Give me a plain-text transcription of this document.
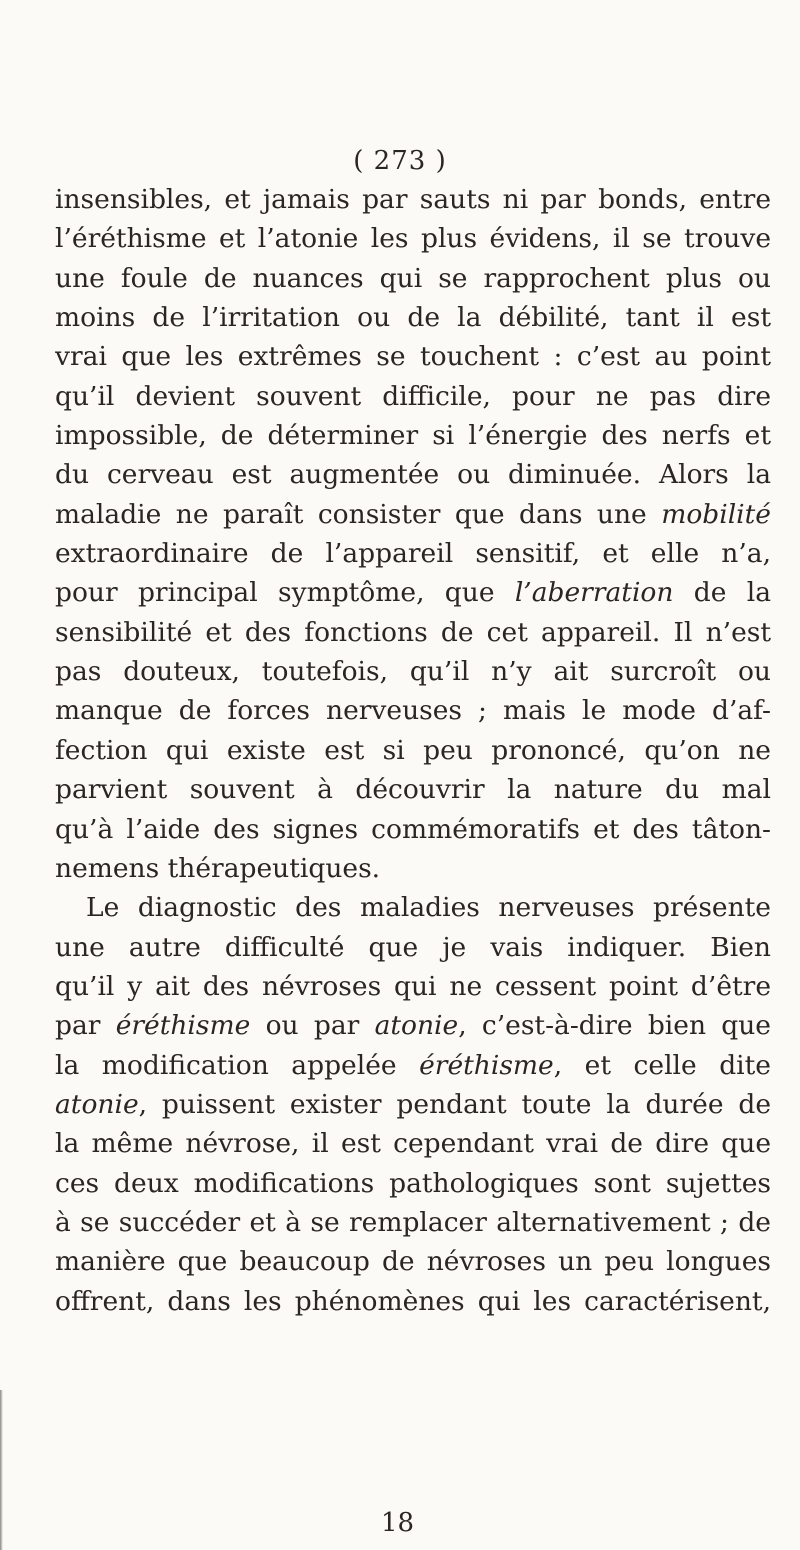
( 273 )
insensibles, et jamais par sauts ni par bonds, entre
l’éréthisme et l’atonie les plus évidens, il se trouve
une foule de nuances qui se rapprochent plus ou
moins de l’irritation ou de la débilité, tant il est
vrai que les extrêmes se touchent : c’est au point
qu’il devient souvent difficile, pour ne pas dire
impossible, de déterminer si l’énergie des nerfs et
du cerveau est augmentée ou diminuée. Alors la
maladie ne paraît consister que dans une mobilité
extraordinaire de l’appareil sensitif, et elle n’a,
pour principal symptôme, que l’aberration de la
sensibilité et des fonctions de cet appareil. Il n’est
pas douteux, toutefois, qu’il n’y ait surcroît ou
manque de forces nerveuses ; mais le mode d’af-
fection qui existe est si peu prononcé, qu’on ne
parvient souvent à découvrir la nature du mal
qu’à l’aide des signes commémoratifs et des tâton-
nemens thérapeutiques.
Le diagnostic des maladies nerveuses présente
une autre difficulté que je vais indiquer. Bien
qu’il y ait des névroses qui ne cessent point d’être
par éréthisme ou par atonie, c’est-à-dire bien que
la modification appelée éréthisme, et celle dite
atonie, puissent exister pendant toute la durée de
la même névrose, il est cependant vrai de dire que
ces deux modifications pathologiques sont sujettes
à se succéder et à se remplacer alternativement ; de
manière que beaucoup de névroses un peu longues
offrent, dans les phénomènes qui les caractérisent,
18
